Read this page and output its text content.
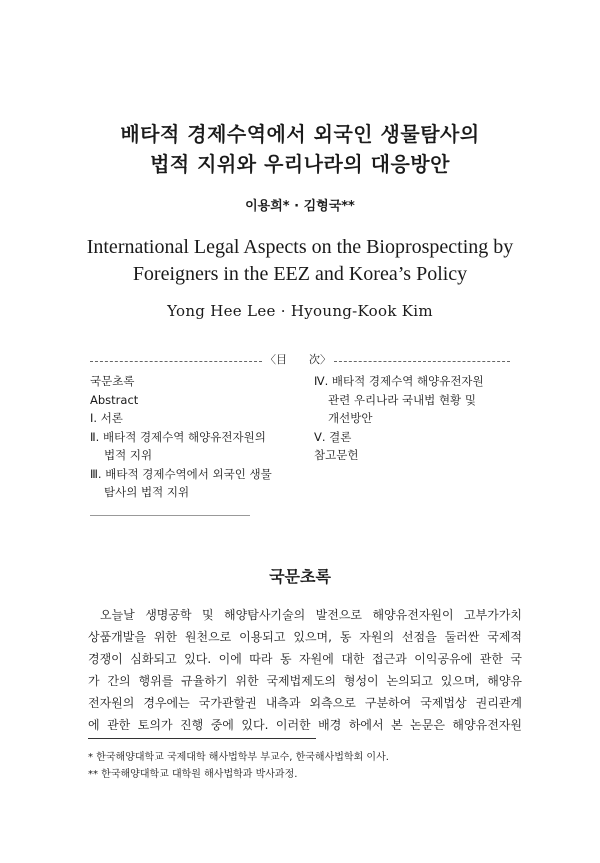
배타적 경제수역에서 외국인 생물탐사의
법적 지위와 우리나라의 대응방안
이용희* · 김형국**
International Legal Aspects on the Bioprospecting by
Foreigners in the EEZ and Korea’s Policy
Yong Hee Lee · Hyoung-Kook Kim
〈目　　次〉
국문초록
Abstract
Ⅰ. 서론
Ⅱ. 배타적 경제수역 해양유전자원의
법적 지위
Ⅲ. 배타적 경제수역에서 외국인 생물
탐사의 법적 지위
Ⅳ. 배타적 경제수역 해양유전자원
관련 우리나라 국내법 현황 및
개선방안
Ⅴ. 결론
참고문헌
국문초록
오늘날 생명공학 및 해양탐사기술의 발전으로 해양유전자원이 고부가가치
상품개발을 위한 원천으로 이용되고 있으며, 동 자원의 선점을 둘러싼 국제적
경쟁이 심화되고 있다. 이에 따라 동 자원에 대한 접근과 이익공유에 관한 국
가 간의 행위를 규율하기 위한 국제법제도의 형성이 논의되고 있으며, 해양유
전자원의 경우에는 국가관할권 내측과 외측으로 구분하여 국제법상 권리관계
에 관한 토의가 진행 중에 있다. 이러한 배경 하에서 본 논문은 해양유전자원
* 한국해양대학교 국제대학 해사법학부 부교수, 한국해사법학회 이사.
** 한국해양대학교 대학원 해사법학과 박사과정.
